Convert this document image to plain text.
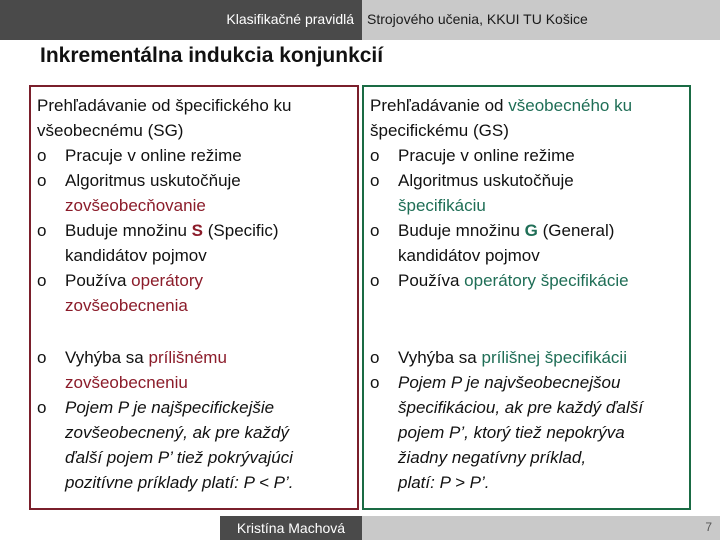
Klasifikačné pravidlá Strojového učenia, KKUI TU Košice
Inkrementálna indukcia konjunkcií
Prehľadávanie od špecifického ku
všeobecnému (SG)
o Pracuje v online režime
o Algoritmus uskutočňuje
zovšeobecňovanie
o Buduje množinu S (Specific)
kandidátov pojmov
o Používa operátory
zovšeobecnenia
o Vyhýba sa prílišnému
zovšeobecneniu
o Pojem P je najšpecifickejšie
zovšeobecnený, ak pre každý
ďalší pojem P’ tiež pokrývajúci
pozitívne príklady platí: P < P’.
Prehľadávanie od všeobecného ku
špecifickému (GS)
o Pracuje v online režime
o Algoritmus uskutočňuje
špecifikáciu
o Buduje množinu G (General)
kandidátov pojmov
o Používa operátory špecifikácie
o Vyhýba sa prílišnej špecifikácii
o Pojem P je najvšeobecnejšou
špecifikáciou, ak pre každý ďalší
pojem P’, ktorý tiež nepokrýva
žiadny negatívny príklad,
platí: P > P’.
Kristína Machová	7
